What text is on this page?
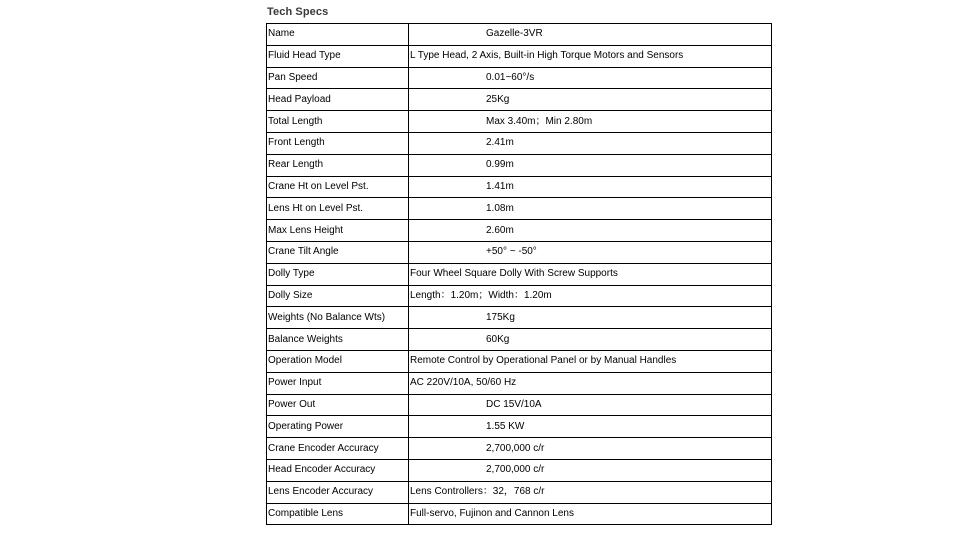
Tech Specs
Name	Gazelle-3VR
Fluid Head Type	L Type Head, 2 Axis, Built-in High Torque Motors and Sensors
Pan Speed	0.01~60°/s
Head Payload	25Kg
Total Length	Max 3.40m；Min 2.80m
Front Length	2.41m
Rear Length	0.99m
Crane Ht on Level Pst.	1.41m
Lens Ht on Level Pst.	1.08m
Max Lens Height	2.60m
Crane Tilt Angle	+50° ~ -50°
Dolly Type	Four Wheel Square Dolly With Screw Supports
Dolly Size	Length：1.20m；Width：1.20m
Weights (No Balance Wts)	175Kg
Balance Weights	60Kg
Operation Model	Remote Control by Operational Panel or by Manual Handles
Power Input	AC 220V/10A, 50/60 Hz
Power Out	DC 15V/10A
Operating Power	1.55 KW
Crane Encoder Accuracy	2,700,000 c/r
Head Encoder Accuracy	2,700,000 c/r
Lens Encoder Accuracy	Lens Controllers：32，768 c/r
Compatible Lens	Full-servo, Fujinon and Cannon Lens
